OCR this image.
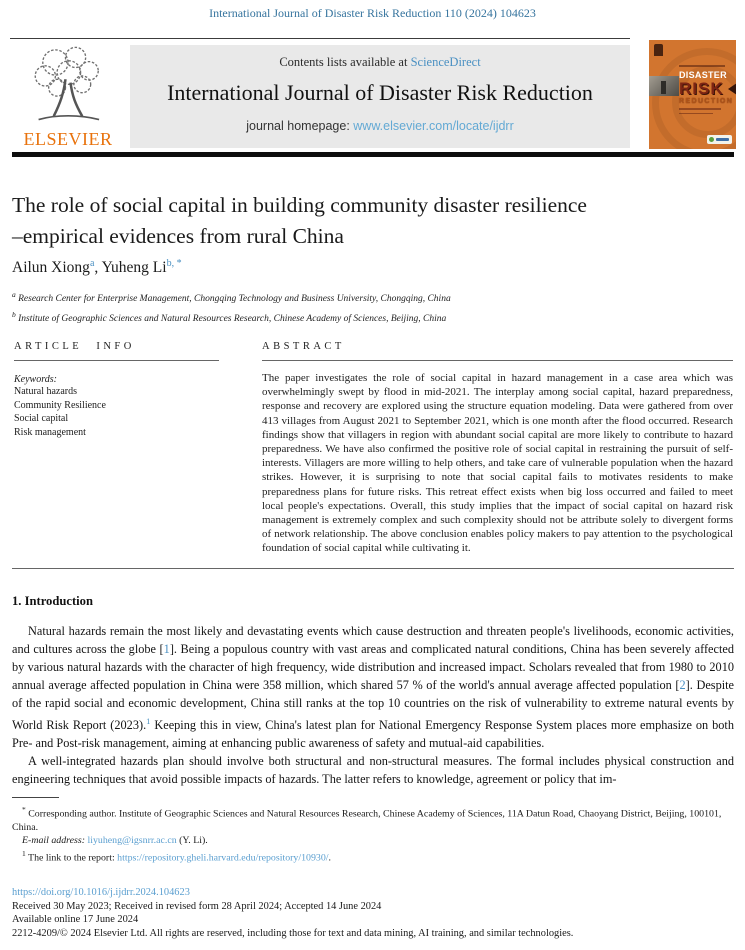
International Journal of Disaster Risk Reduction 110 (2024) 104623
ELSEVIER
Contents lists available at ScienceDirect
International Journal of Disaster Risk Reduction
journal homepage: www.elsevier.com/locate/ijdrr
DISASTER
RISK
REDUCTION
The role of social capital in building community disaster resilience
–empirical evidences from rural China
Ailun Xiong$^a$, Yuheng $Li^{b, *}$
$^a$ Research Center for Enterprise Management, Chongqing Technology and Business University, Chongqing, China
$^b$ Institute of Geographic Sciences and Natural Resources Research, Chinese Academy of Sciences, Beijing, China
ARTICLE INFO
Keywords:
Natural hazards
Community Resilience
Social capital
Risk management
ABSTRACT
The paper investigates the role of social capital in hazard management in a case area which was overwhelmingly swept by flood in mid-2021. The interplay among social capital, hazard preparedness, response and recovery are explored using the structure equation modeling. Data were gathered from over 413 villages from August 2021 to September 2021, which is one month after the flood occurred. Research findings show that villagers in region with abundant social capital are more likely to contribute to hazard preparedness. We have also confirmed the positive role of social capital in restraining the pursuit of self-interests. Villagers are more willing to help others, and take care of vulnerable population when the hazard strikes. However, it is surprising to note that social capital fails to motivates residents to make preparedness plans for future risks. This retreat effect exists when big loss occurred and failed to meet local people's expectations. Overall, this study implies that the impact of social capital on hazard risk management is extremely complex and such complexity should not be attribute solely to divergent forms of network relationship. The above conclusion enables policy makers to pay attention to the psychological foundation of social capital while cultivating it.
1. Introduction

Natural hazards remain the most likely and devastating events which cause destruction and threaten people's livelihoods, economic activities, and cultures across the globe [1]. Being a populous country with vast areas and complicated natural conditions, China has been severely affected by various natural hazards with the character of high frequency, wide distribution and increased impact. Scholars revealed that from 1980 to 2010 annual average affected population in China were 358 million, which shared 57 % of the world's annual average affected population [2]. Despite of the rapid social and economic development, China still ranks at the top 10 countries on the risk of vulnerability to extreme natural events by World Risk Report (2023).$^1$ Keeping this in view, China's latest plan for National Emergency Response System places more emphasize on both Pre- and Post-risk management, aiming at enhancing public awareness of safety and mutual-aid capabilities.

A well-integrated hazards plan should involve both structural and non-structural measures. The formal includes physical construction and engineering techniques that avoid possible impacts of hazards. The latter refers to knowledge, agreement or policy that im-

* Corresponding author. Institute of Geographic Sciences and Natural Resources Research, Chinese Academy of Sciences, 11A Datun Road, Chaoyang District, Beijing, 100101, China.

E-mail address: liyuheng@igsnrr.ac.cn (Y. Li).

$^1$ The link to the report: https://repository.gheli.harvard.edu/repository/10930/.

https://doi.org/10.1016/j.ijdrr.2024.104623
Received 30 May 2023; Received in revised form 28 April 2024; Accepted 14 June 2024
Available online 17 June 2024
2212-4209/© 2024 Elsevier Ltd. All rights are reserved, including those for text and data mining, AI training, and similar technologies.
